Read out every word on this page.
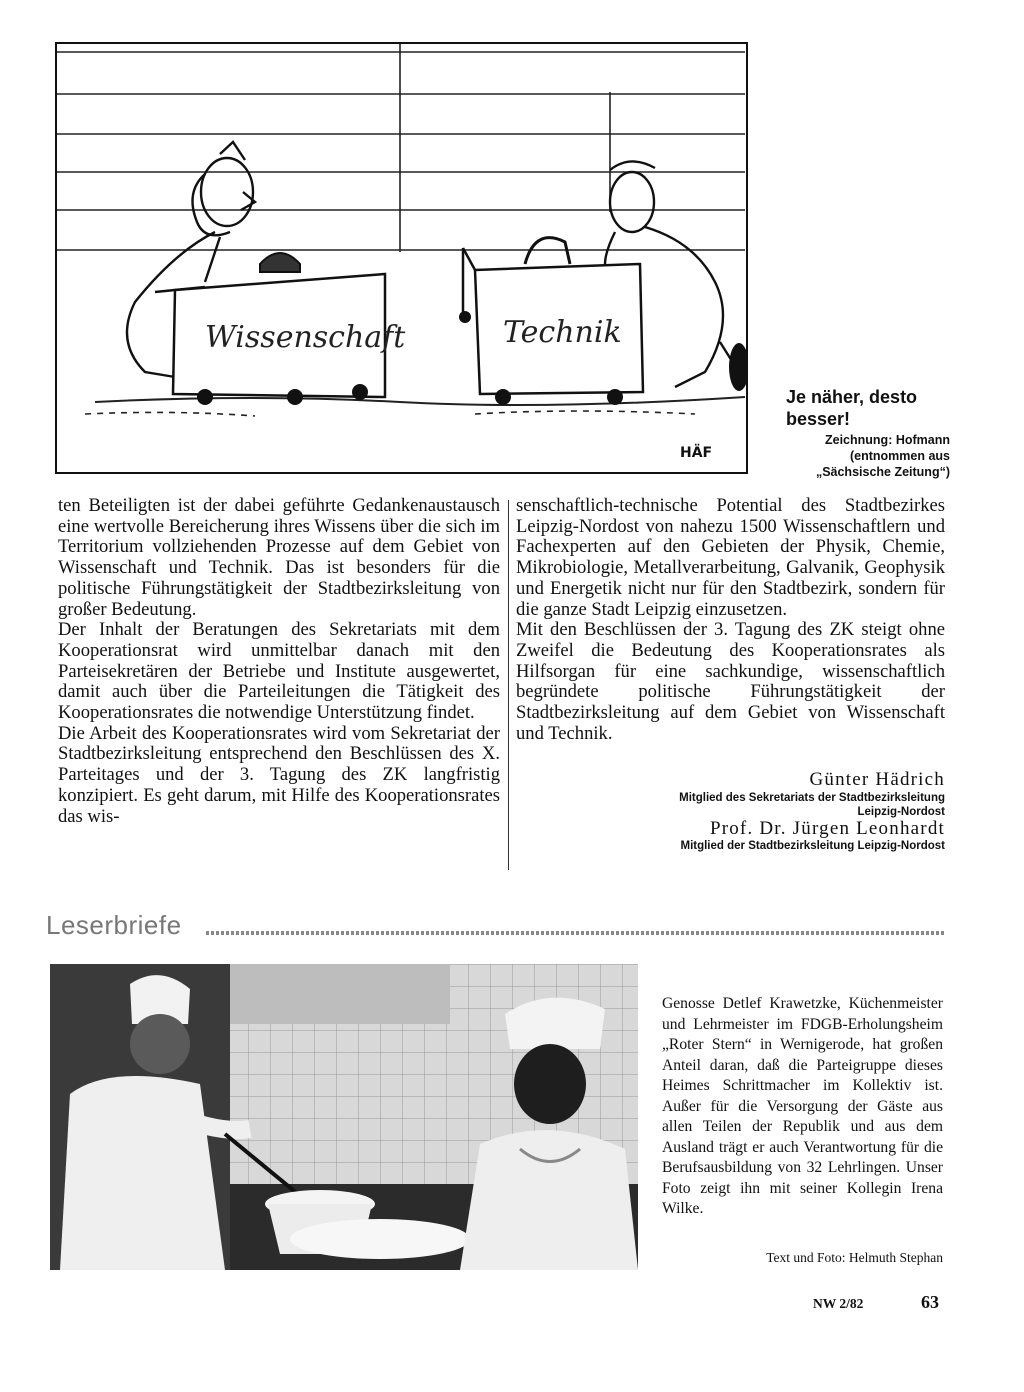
Wissenschaft	Technik
HÄF
Je näher, desto besser!
Zeichnung: Hofmann
(entnommen aus
„Sächsische Zeitung“)

ten Beteiligten ist der dabei geführte Gedankenaustausch eine wertvolle Bereicherung ihres Wissens über die sich im Territorium vollziehenden Prozesse auf dem Gebiet von Wissenschaft und Technik. Das ist besonders für die politische Führungstätigkeit der Stadtbezirksleitung von großer Bedeutung.

Der Inhalt der Beratungen des Sekretariats mit dem Kooperationsrat wird unmittelbar danach mit den Parteisekretären der Betriebe und Institute ausgewertet, damit auch über die Parteileitungen die Tätigkeit des Kooperationsrates die notwendige Unterstützung findet.

Die Arbeit des Kooperationsrates wird vom Sekretariat der Stadtbezirksleitung entsprechend den Beschlüssen des X. Parteitages und der 3. Tagung des ZK langfristig konzipiert. Es geht darum, mit Hilfe des Kooperationsrates das wis-

senschaftlich-technische Potential des Stadtbezirkes Leipzig-Nordost von nahezu 1500 Wissenschaftlern und Fachexperten auf den Gebieten der Physik, Chemie, Mikrobiologie, Metallverarbeitung, Galvanik, Geophysik und Energetik nicht nur für den Stadtbezirk, sondern für die ganze Stadt Leipzig einzusetzen.

Mit den Beschlüssen der 3. Tagung des ZK steigt ohne Zweifel die Bedeutung des Kooperationsrates als Hilfsorgan für eine sachkundige, wissenschaftlich begründete politische Führungstätigkeit der Stadtbezirksleitung auf dem Gebiet von Wissenschaft und Technik.

Günter Hädrich
Mitglied des Sekretariats der Stadtbezirksleitung
Leipzig-Nordost
Prof. Dr. Jürgen Leonhardt
Mitglied der Stadtbezirksleitung Leipzig-Nordost
Leserbriefe
Genosse Detlef Krawetzke, Küchenmeister und Lehrmeister im FDGB-Erholungsheim „Roter Stern“ in Wernigerode, hat großen Anteil daran, daß die Parteigruppe dieses Heimes Schrittmacher im Kollektiv ist. Außer für die Versorgung der Gäste aus allen Teilen der Republik und aus dem Ausland trägt er auch Verantwortung für die Berufsausbildung von 32 Lehrlingen. Unser Foto zeigt ihn mit seiner Kollegin Irena Wilke.
Text und Foto: Helmuth Stephan
NW 2/82	63
